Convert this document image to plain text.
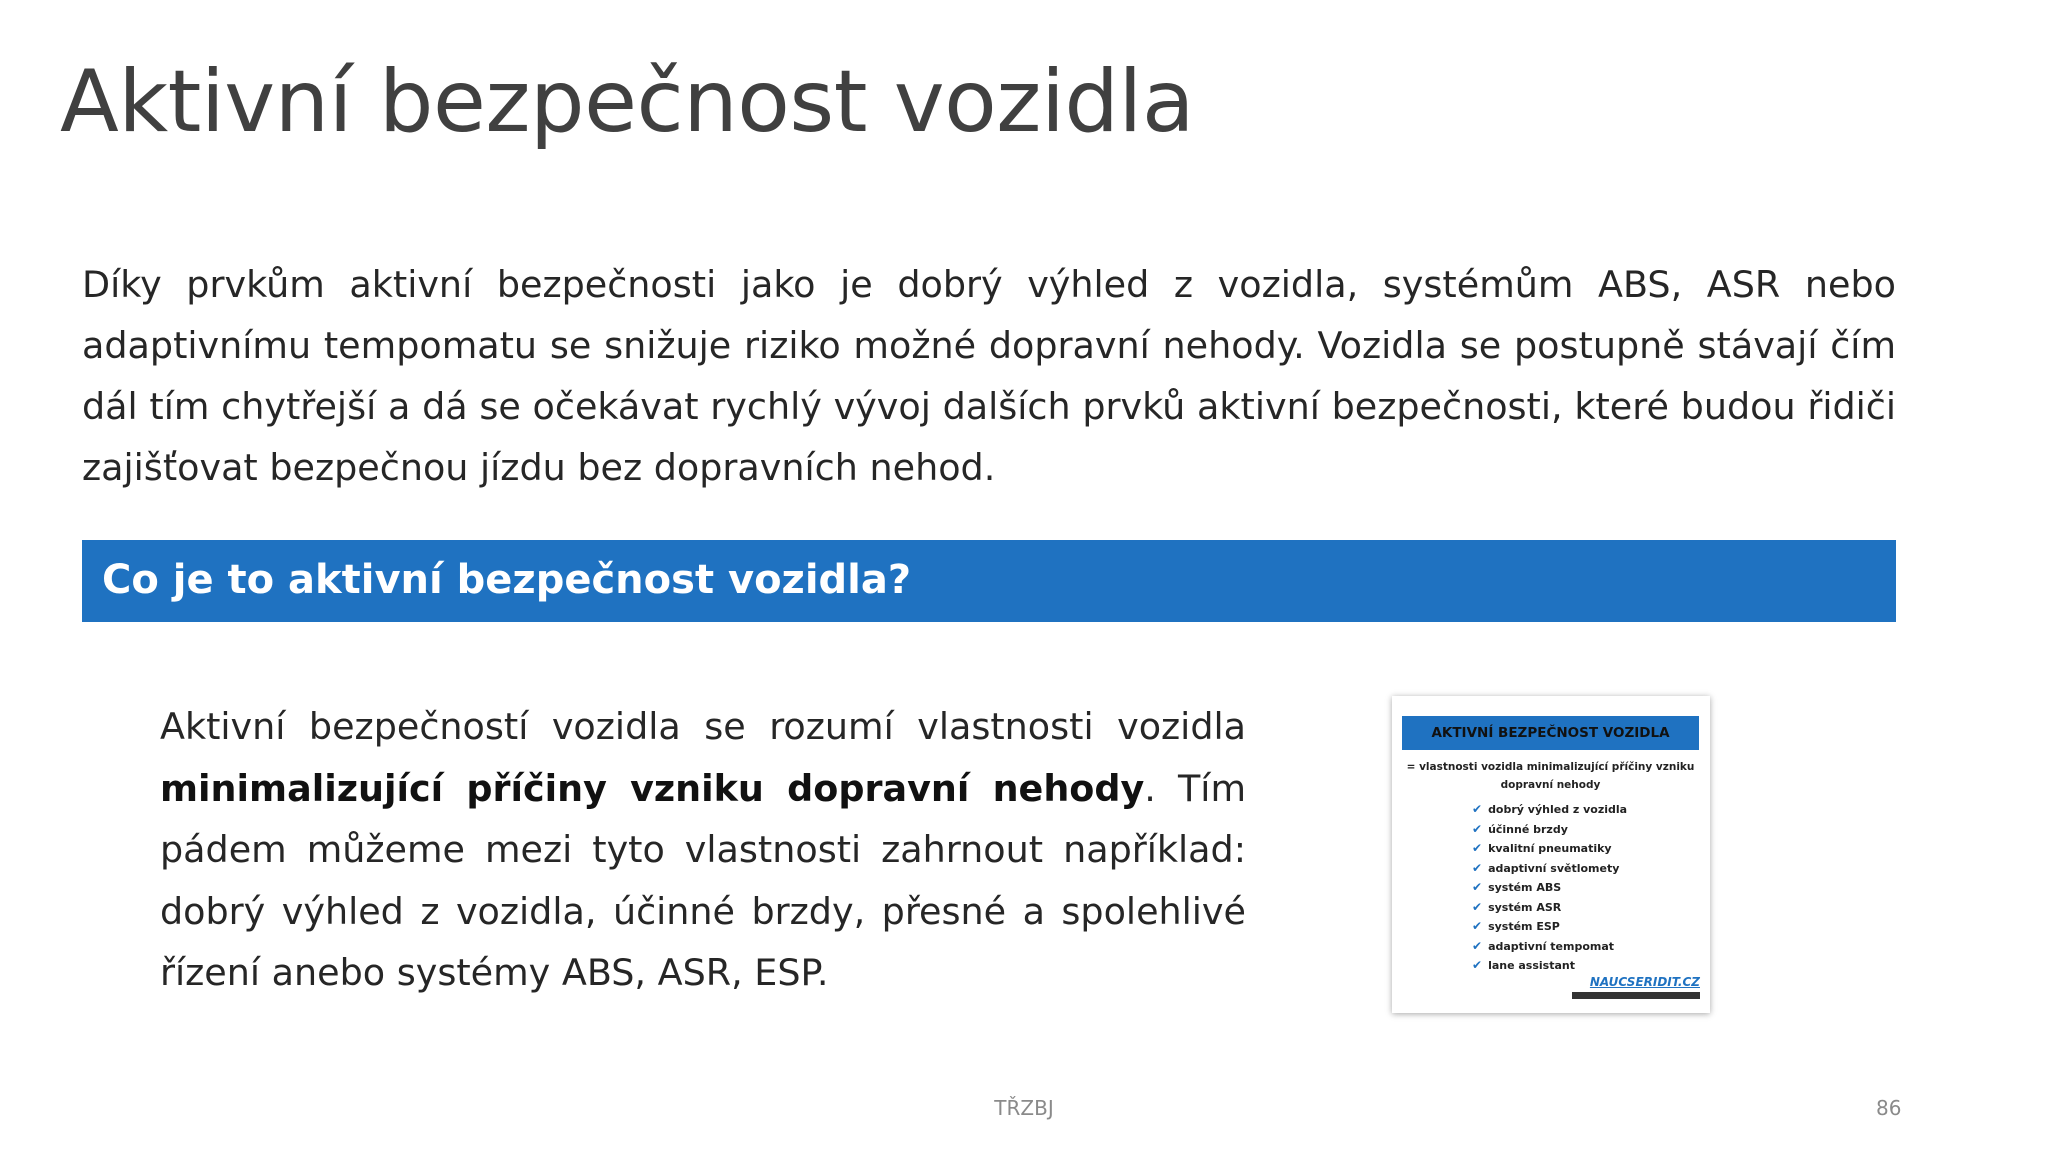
Aktivní bezpečnost vozidla

Díky prvkům aktivní bezpečnosti jako je dobrý výhled z vozidla, systémům ABS, ASR nebo adaptivnímu tempomatu se snižuje riziko možné dopravní nehody. Vozidla se postupně stávají čím dál tím chytřejší a dá se očekávat rychlý vývoj dalších prvků aktivní bezpečnosti, které budou řidiči zajišťovat bezpečnou jízdu bez dopravních nehod.

Co je to aktivní bezpečnost vozidla?

Aktivní bezpečností vozidla se rozumí vlastnosti vozidla minimalizující příčiny vzniku dopravní nehody. Tím pádem můžeme mezi tyto vlastnosti zahrnout například: dobrý výhled z vozidla, účinné brzdy, přesné a spolehlivé řízení anebo systémy ABS, ASR, ESP.

AKTIVNÍ BEZPEČNOST VOZIDLA

= vlastnosti vozidla minimalizující příčiny vzniku dopravní nehody

✔ dobrý výhled z vozidla
✔ účinné brzdy
✔ kvalitní pneumatiky
✔ adaptivní světlomety
✔ systém ABS
✔ systém ASR
✔ systém ESP
✔ adaptivní tempomat
✔ lane assistant
NAUCSERIDIT.CZ
TŘZBJ	86
